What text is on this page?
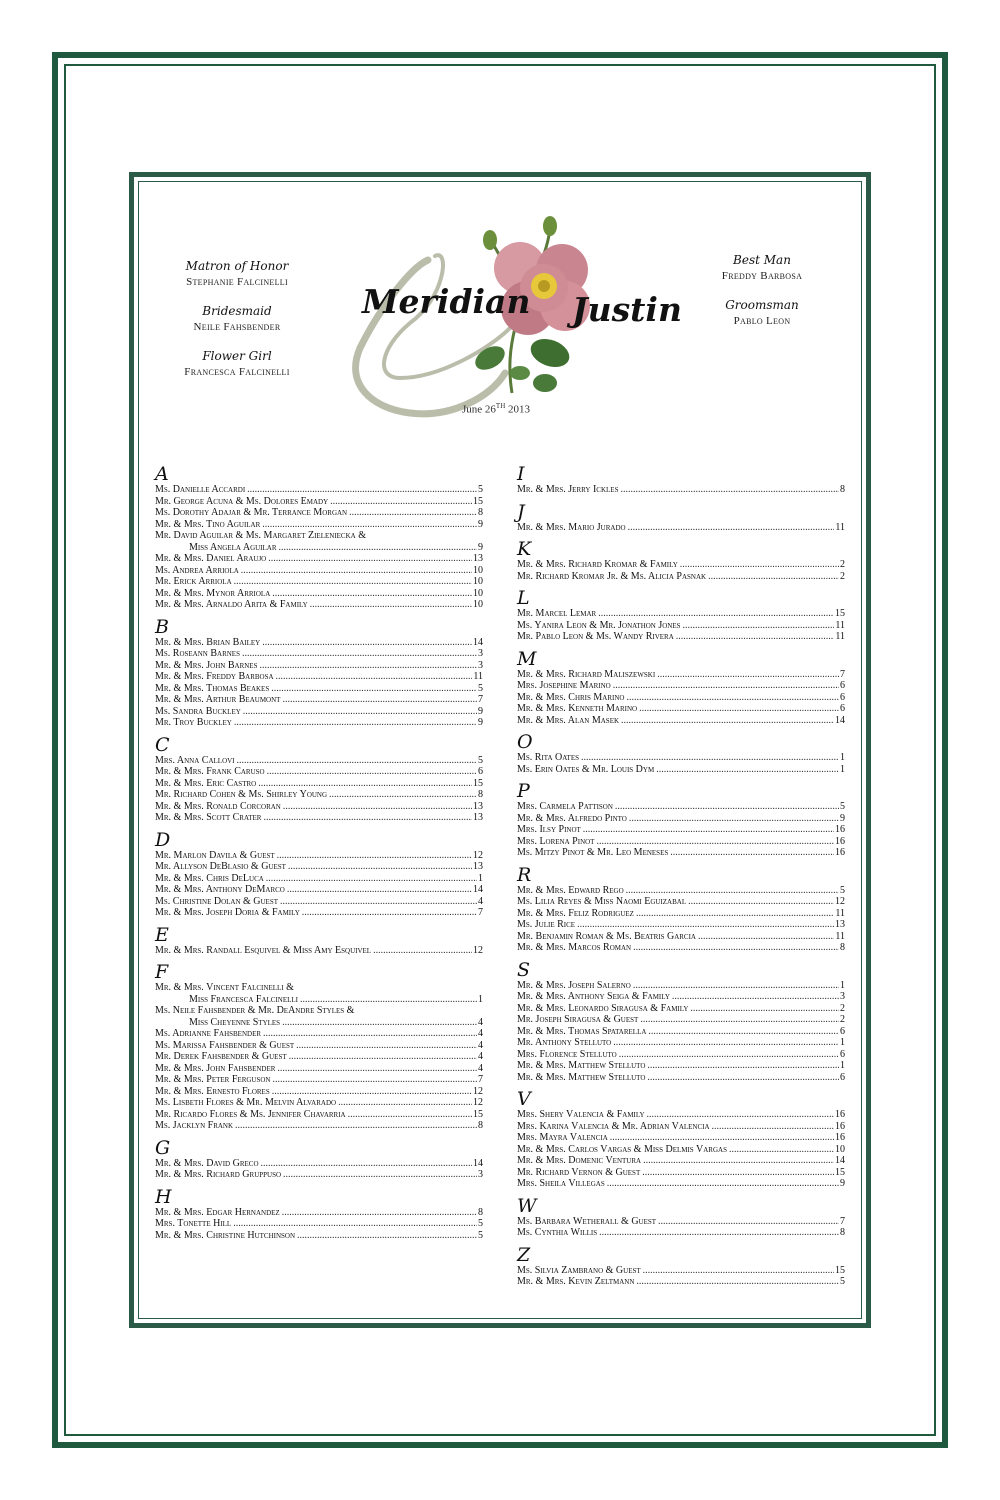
Meridian Justin
June 26TH 2013
Matron of Honor
Stephanie Falcinelli
Bridesmaid
Neile Fahsbender
Flower Girl
Francesca Falcinelli
Best Man
Freddy Barbosa
Groomsman
Pablo Leon
A
Ms. Danielle Accardi .....	5
Mr. George Acuna & Ms. Dolores Emady .....	15
Ms. Dorothy Adajar & Mr. Terrance Morgan .....	8
Mr. & Mrs. Tino Aguilar .....	9
Mr. David Aguilar & Ms. Margaret Zieleniecka &
Miss Angela Aguilar .....	9
Mr. & Mrs. Daniel Araujo .....	13
Ms. Andrea Arriola .....	10
Mr. Erick Arriola .....	10
Mr. & Mrs. Mynor Arriola .....	10
Mr. & Mrs. Arnaldo Arita & Family .....	10
B
Mr. & Mrs. Brian Bailey .....	14
Ms. Roseann Barnes .....	3
Mr. & Mrs. John Barnes .....	3
Mr. & Mrs. Freddy Barbosa .....	11
Mr. & Mrs. Thomas Beakes .....	5
Mr. & Mrs. Arthur Beaumont .....	7
Ms. Sandra Buckley .....	9
Mr. Troy Buckley .....	9
C
Mrs. Anna Callovi .....	5
Mr. & Mrs. Frank Caruso .....	6
Mr. & Mrs. Eric Castro .....	15
Mr. Richard Cohen & Ms. Shirley Young .....	8
Mr. & Mrs. Ronald Corcoran .....	13
Mr. & Mrs. Scott Crater .....	13
D
Mr. Marlon Davila & Guest .....	12
Mr. Allyson DeBlasio & Guest .....	13
Mr. & Mrs. Chris DeLuca .....	1
Mr. & Mrs. Anthony DeMarco .....	14
Ms. Christine Dolan & Guest .....	4
Mr. & Mrs. Joseph Doria & Family .....	7
E
Mr. & Mrs. Randall Esquivel & Miss Amy Esquivel .....	12
F
Mr. & Mrs. Vincent Falcinelli &
Miss Francesca Falcinelli .....	1
Ms. Neile Fahsbender & Mr. DeAndre Styles &
Miss Cheyenne Styles .....	4
Ms. Adrianne Fahsbender .....	4
Ms. Marissa Fahsbender & Guest .....	4
Mr. Derek Fahsbender & Guest .....	4
Mr. & Mrs. John Fahsbender .....	4
Mr. & Mrs. Peter Ferguson .....	7
Mr. & Mrs. Ernesto Flores .....	12
Ms. Lisbeth Flores & Mr. Melvin Alvarado .....	12
Mr. Ricardo Flores & Ms. Jennifer Chavarria .....	15
Ms. Jacklyn Frank .....	8
G
Mr. & Mrs. David Greco .....	14
Mr. & Mrs. Richard Gruppuso .....	3
H
Mr. & Mrs. Edgar Hernandez .....	8
Mrs. Tonette Hill .....	5
Mr. & Mrs. Christine Hutchinson .....	5
I
Mr. & Mrs. Jerry Ickles .....	8
J
Mr. & Mrs. Mario Jurado .....	11
K
Mr. & Mrs. Richard Kromar & Family .....	2
Mr. Richard Kromar Jr. & Ms. Alicia Pasnak .....	2
L
Mr. Marcel Lemar .....	15
Ms. Yanira Leon & Mr. Jonathon Jones .....	11
Mr. Pablo Leon & Ms. Wandy Rivera .....	11
M
Mr. & Mrs. Richard Maliszewski .....	7
Mrs. Josephine Marino .....	6
Mr. & Mrs. Chris Marino .....	6
Mr. & Mrs. Kenneth Marino .....	6
Mr. & Mrs. Alan Masek .....	14
O
Ms. Rita Oates .....	1
Ms. Erin Oates & Mr. Louis Dym .....	1
P
Mrs. Carmela Pattison .....	5
Mr. & Mrs. Alfredo Pinto .....	9
Mrs. Ilsy Pinot .....	16
Mrs. Lorena Pinot .....	16
Ms. Mitzy Pinot & Mr. Leo Meneses .....	16
R
Mr. & Mrs. Edward Rego .....	5
Ms. Lilia Reyes & Miss Naomi Eguizabal .....	12
Mr. & Mrs. Feliz Rodriguez .....	11
Ms. Julie Rice .....	13
Mr. Benjamin Roman & Ms. Beatris Garcia .....	11
Mr. & Mrs. Marcos Roman .....	8
S
Mr. & Mrs. Joseph Salerno .....	1
Mr. & Mrs. Anthony Seiga & Family .....	3
Mr. & Mrs. Leonardo Siragusa & Family .....	2
Mr. Joseph Siragusa & Guest .....	2
Mr. & Mrs. Thomas Spatarella .....	6
Mr. Anthony Stelluto .....	1
Mrs. Florence Stelluto .....	6
Mr. & Mrs. Matthew Stelluto .....	1
Mr. & Mrs. Matthew Stelluto .....	6
V
Mrs. Shery Valencia & Family .....	16
Mrs. Karina Valencia & Mr. Adrian Valencia .....	16
Mrs. Mayra Valencia .....	16
Mr. & Mrs. Carlos Vargas & Miss Delmis Vargas .....	10
Mr. & Mrs. Domenic Ventura .....	14
Mr. Richard Vernon & Guest .....	15
Mrs. Sheila Villegas .....	9
W
Ms. Barbara Wetherall & Guest .....	7
Ms. Cynthia Willis .....	8
Z
Ms. Silvia Zambrano & Guest .....	15
Mr. & Mrs. Kevin Zeltmann .....	5
